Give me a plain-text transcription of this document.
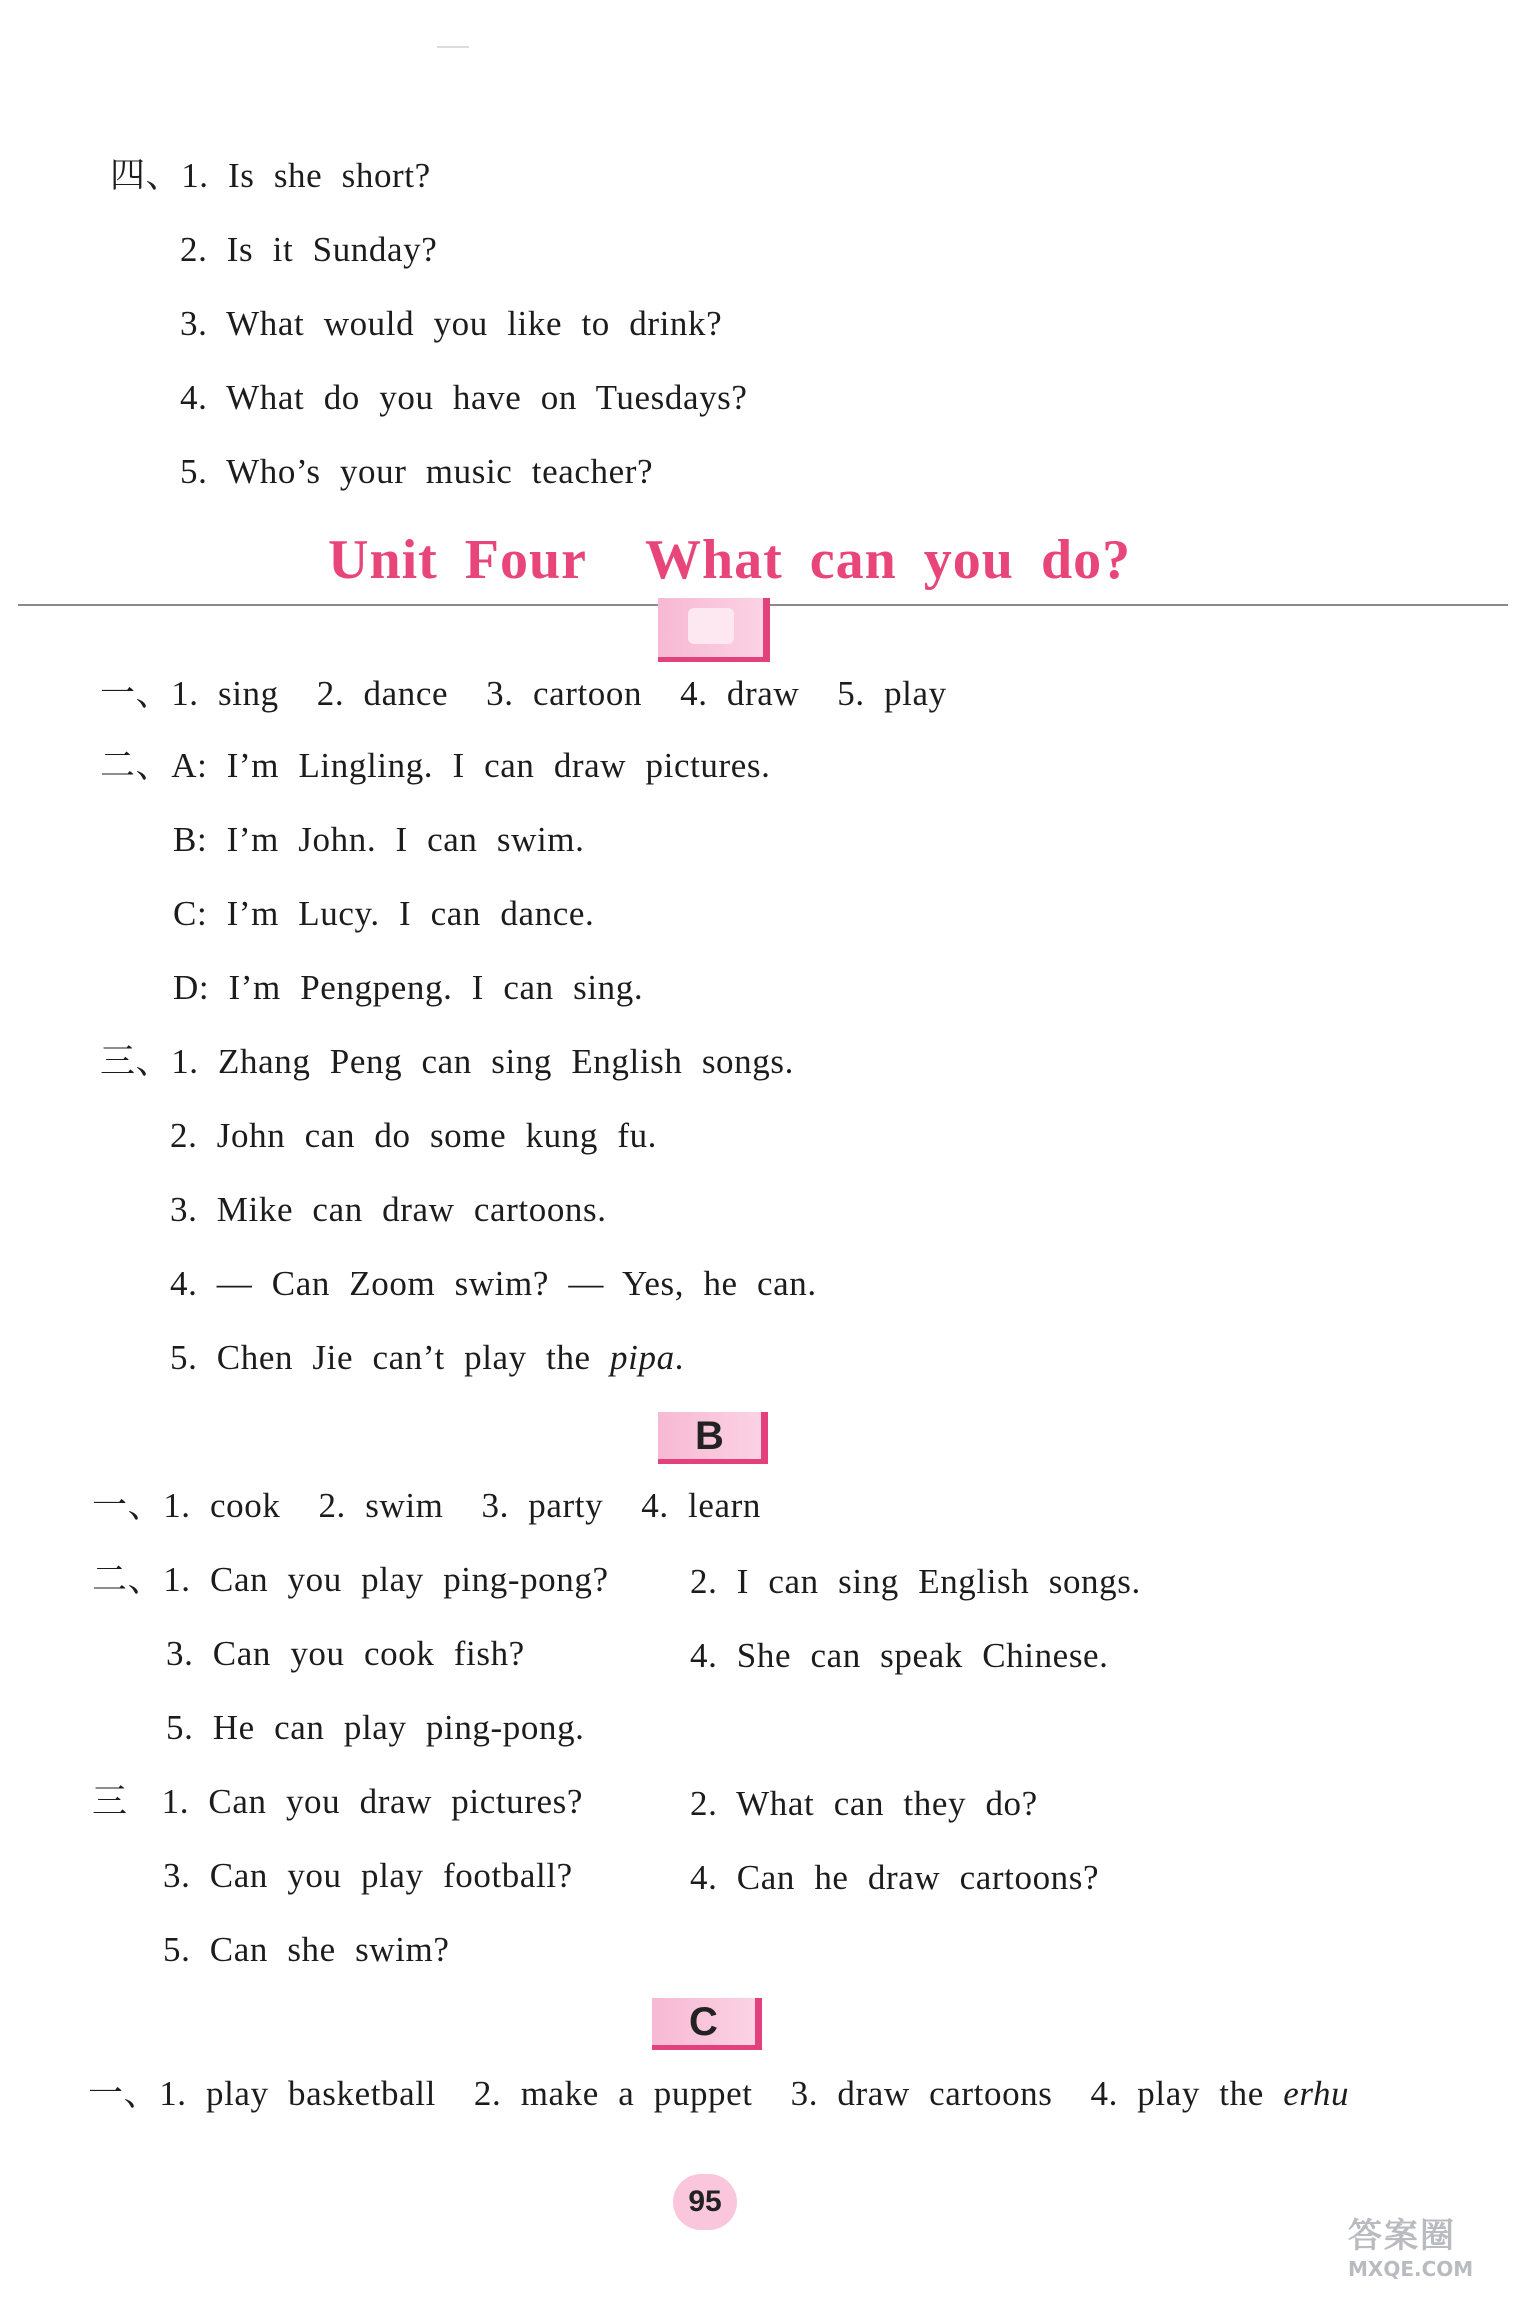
四、1. Is she short?
2. Is it Sunday?
3. What would you like to drink?
4. What do you have on Tuesdays?
5. Who’s your music teacher?
Unit Four What can you do?
一、1. sing 2. dance 3. cartoon 4. draw 5. play
二、A: I’m Lingling. I can draw pictures.
B: I’m John. I can swim.
C: I’m Lucy. I can dance.
D: I’m Pengpeng. I can sing.
三、1. Zhang Peng can sing English songs.
2. John can do some kung fu.
3. Mike can draw cartoons.
4. — Can Zoom swim? — Yes, he can.
5. Chen Jie can’t play the pipa.
B
一、1. cook 2. swim 3. party 4. learn
二、1. Can you play ping-pong? 2. I can sing English songs.
3. Can you cook fish?	4. She can speak Chinese.
5. He can play ping-pong.
三 1. Can you draw pictures?	2. What can they do?
3. Can you play football?	4. Can he draw cartoons?
5. Can she swim?
C
一、1. play basketball 2. make a puppet 3. draw cartoons 4. play the erhu
95
答案圈
MXQE.COM
